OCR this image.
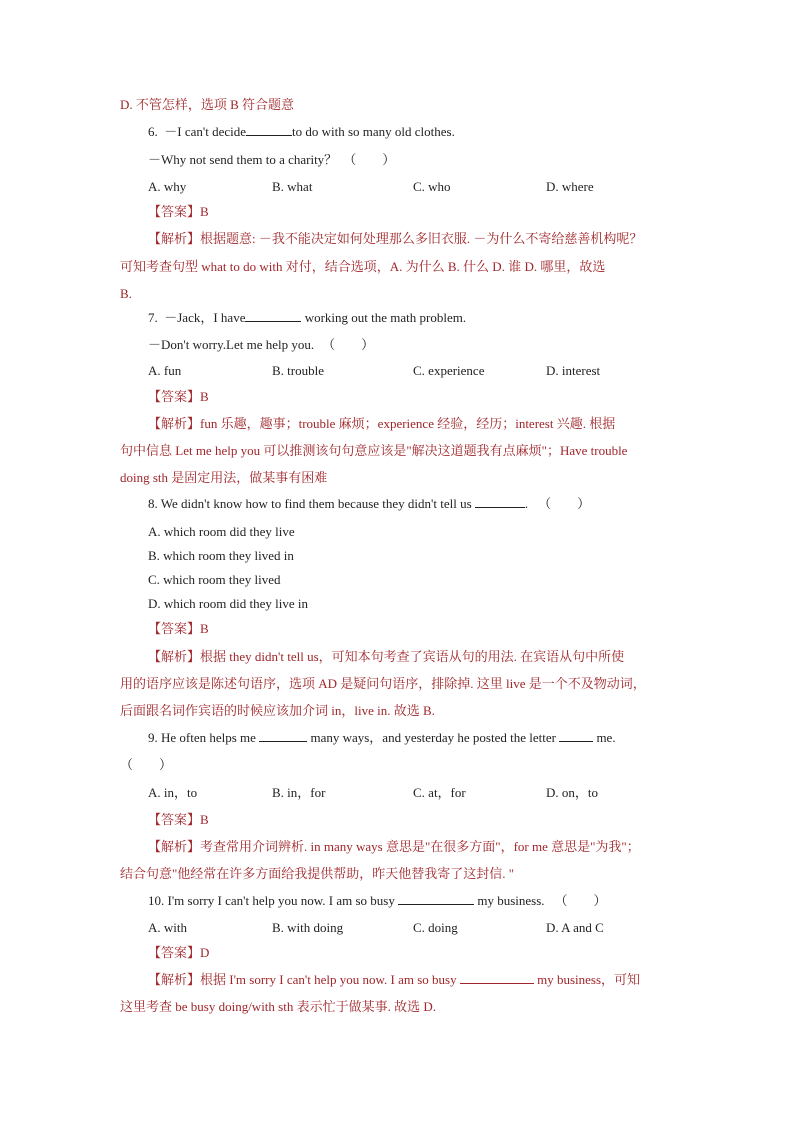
D. 不管怎样，选项 B 符合题意
6. －I can't decide	to do with so many old clothes.
－Why not send them to a charity？ （　　）
A. why	B. what	C. who	D. where
【答案】B
【解析】根据题意: －我不能决定如何处理那么多旧衣服. －为什么不寄给慈善机构呢？
可知考查句型 what to do with 对付，结合选项，A. 为什么 B. 什么 D. 谁 D. 哪里，故选
B.
7. －Jack，I have	working out the math problem.
－Don't worry.Let me help you. （　　）
A. fun	B. trouble	C. experience	D. interest
【答案】B
【解析】fun 乐趣，趣事；trouble 麻烦；experience 经验，经历；interest 兴趣. 根据
句中信息 Let me help you 可以推测该句句意应该是"解决这道题我有点麻烦"；Have trouble
doing sth 是固定用法，做某事有困难
8. We didn't know how to find them because they didn't tell us	. （　　）
A. which room did they live
B. which room they lived in
C. which room they lived
D. which room did they live in
【答案】B
【解析】根据 they didn't tell us，可知本句考查了宾语从句的用法. 在宾语从句中所使
用的语序应该是陈述句语序，选项 AD 是疑问句语序，排除掉. 这里 live 是一个不及物动词，
后面跟名词作宾语的时候应该加介词 in，live in. 故选 B.
9. He often helps me	many ways，and yesterday he posted the letter	me.
（　　）
A. in，to	B. in，for	C. at，for	D. on，to
【答案】B
【解析】考查常用介词辨析. in many ways 意思是"在很多方面"，for me 意思是"为我"；
结合句意"他经常在许多方面给我提供帮助，昨天他替我寄了这封信. "
10. I'm sorry I can't help you now. I am so busy	my business. （　　）
A. with	B. with doing	C. doing	D. A and C
【答案】D
【解析】根据 I'm sorry I can't help you now. I am so busy	my business，可知
这里考查 be busy doing/with sth 表示忙于做某事. 故选 D.
